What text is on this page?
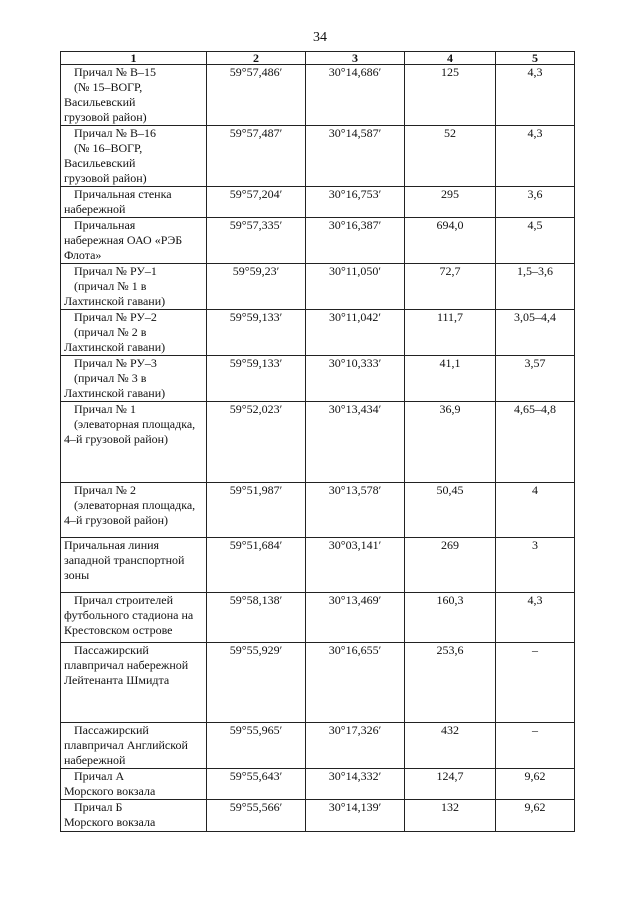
34
1	2	3	4	5

Причал № В–15
(№ 15–ВОГР,
Васильевский
грузовой район)	59°57,486′	30°14,686′	125	4,3

Причал № В–16
(№ 16–ВОГР,
Васильевский
грузовой район)	59°57,487′	30°14,587′	52	4,3

Причальная стенка
набережной	59°57,204′	30°16,753′	295	3,6

Причальная
набережная ОАО «РЭБ
Флота»	59°57,335′	30°16,387′	694,0	4,5

Причал № РУ–1
(причал № 1 в
Лахтинской гавани)	59°59,23′	30°11,050′	72,7	1,5–3,6

Причал № РУ–2
(причал № 2 в
Лахтинской гавани)	59°59,133′	30°11,042′	111,7	3,05–4,4

Причал № РУ–3
(причал № 3 в
Лахтинской гавани)	59°59,133′	30°10,333′	41,1	3,57

Причал № 1
(элеваторная площадка,
4–й грузовой район)	59°52,023′	30°13,434′	36,9	4,65–4,8

Причал № 2
(элеваторная площадка,
4–й грузовой район)	59°51,987′	30°13,578′	50,45	4

Причальная линия
западной транспортной
зоны	59°51,684′	30°03,141′	269	3

Причал строителей
футбольного стадиона на
Крестовском острове	59°58,138′	30°13,469′	160,3	4,3

Пассажирский
плавпричал набережной
Лейтенанта Шмидта	59°55,929′	30°16,655′	253,6	–

Пассажирский
плавпричал Английской
набережной	59°55,965′	30°17,326′	432	–

Причал А
Морского вокзала	59°55,643′	30°14,332′	124,7	9,62

Причал Б
Морского вокзала	59°55,566′	30°14,139′	132	9,62
